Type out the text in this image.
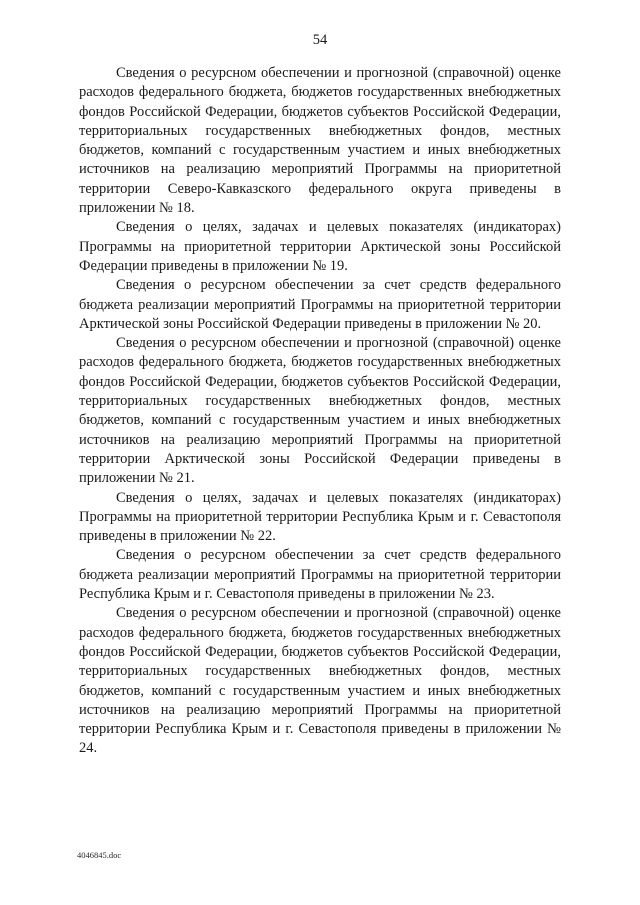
54

Сведения о ресурсном обеспечении и прогнозной (справочной) оценке расходов федерального бюджета, бюджетов государственных внебюджетных фондов Российской Федерации, бюджетов субъектов Российской Федерации, территориальных государственных внебюджетных фондов, местных бюджетов, компаний с государственным участием и иных внебюджетных источников на реализацию мероприятий Программы на приоритетной территории Северо-Кавказского федерального округа приведены в приложении № 18.

Сведения о целях, задачах и целевых показателях (индикаторах) Программы на приоритетной территории Арктической зоны Российской Федерации приведены в приложении № 19.

Сведения о ресурсном обеспечении за счет средств федерального бюджета реализации мероприятий Программы на приоритетной территории Арктической зоны Российской Федерации приведены в приложении № 20.

Сведения о ресурсном обеспечении и прогнозной (справочной) оценке расходов федерального бюджета, бюджетов государственных внебюджетных фондов Российской Федерации, бюджетов субъектов Российской Федерации, территориальных государственных внебюджетных фондов, местных бюджетов, компаний с государственным участием и иных внебюджетных источников на реализацию мероприятий Программы на приоритетной территории Арктической зоны Российской Федерации приведены в приложении № 21.

Сведения о целях, задачах и целевых показателях (индикаторах) Программы на приоритетной территории Республика Крым и г. Севастополя приведены в приложении № 22.

Сведения о ресурсном обеспечении за счет средств федерального бюджета реализации мероприятий Программы на приоритетной территории Республика Крым и г. Севастополя приведены в приложении № 23.

Сведения о ресурсном обеспечении и прогнозной (справочной) оценке расходов федерального бюджета, бюджетов государственных внебюджетных фондов Российской Федерации, бюджетов субъектов Российской Федерации, территориальных государственных внебюджетных фондов, местных бюджетов, компаний с государственным участием и иных внебюджетных источников на реализацию мероприятий Программы на приоритетной территории Республика Крым и г. Севастополя приведены в приложении № 24.

4046845.doc
